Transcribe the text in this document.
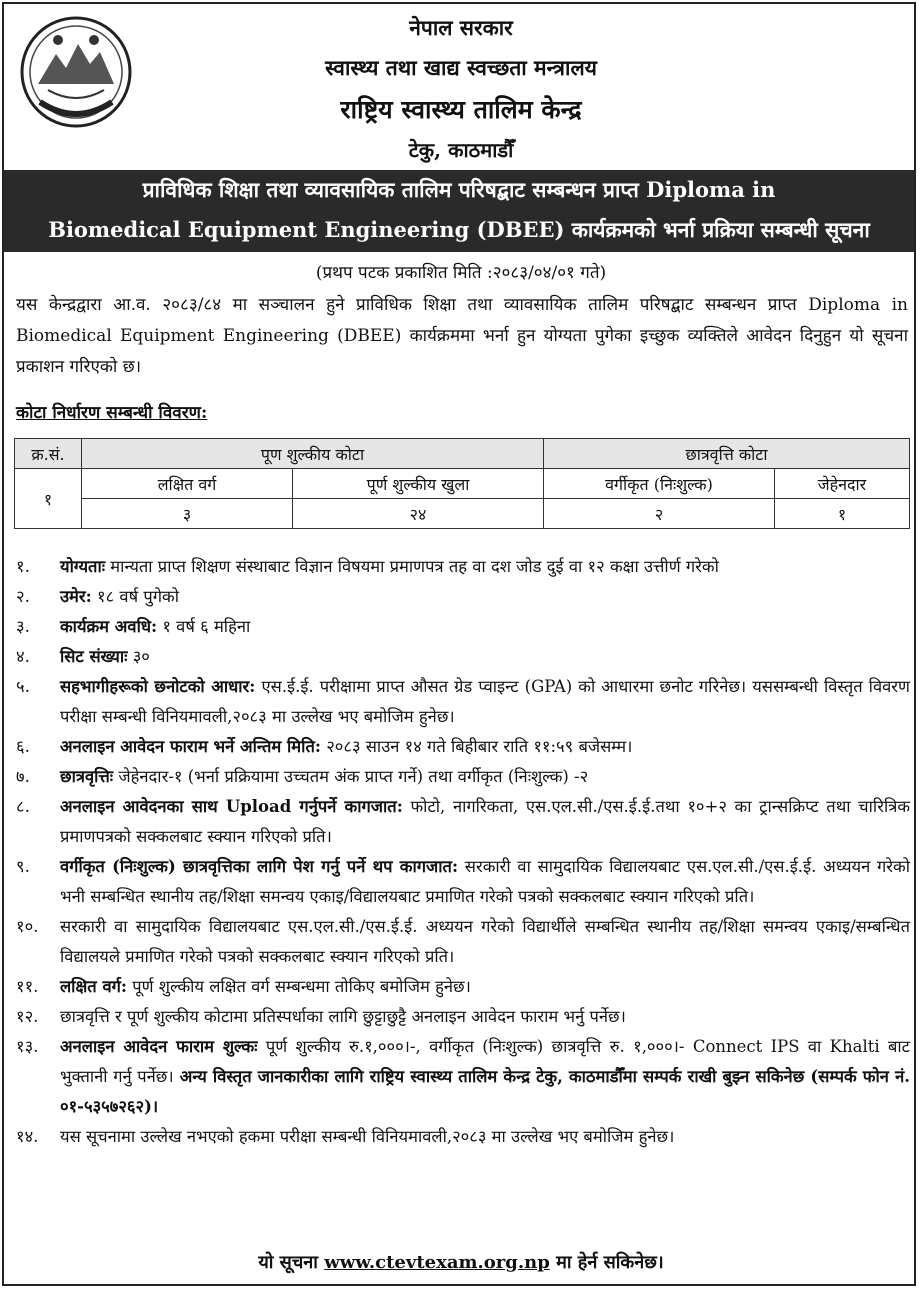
नेपाल सरकार
स्वास्थ्य तथा खाद्य स्वच्छता मन्त्रालय
राष्ट्रिय स्वास्थ्य तालिम केन्द्र
टेकु, काठमाडौँ
प्राविधिक शिक्षा तथा व्यावसायिक तालिम परिषद्बाट सम्बन्धन प्राप्त Diploma in
Biomedical Equipment Engineering (DBEE) कार्यक्रमको भर्ना प्रक्रिया सम्बन्धी सूचना
(प्रथप पटक प्रकाशित मिति :२०८३/०४/०१ गते)
यस केन्द्रद्वारा आ.व. २०८३/८४ मा सञ्चालन हुने प्राविधिक शिक्षा तथा व्यावसायिक तालिम परिषद्बाट सम्बन्धन प्राप्त Diploma in Biomedical Equipment Engineering (DBEE) कार्यक्रममा भर्ना हुन योग्यता पुगेका इच्छुक व्यक्तिले आवेदन दिनुहुन यो सूचना प्रकाशन गरिएको छ।
कोटा निर्धारण सम्बन्धी विवरण:
क्र.सं.	पूण शुल्कीय कोटा		छात्रवृत्ति कोटा	
१	लक्षित वर्ग	पूर्ण शुल्कीय खुला	वर्गीकृत (निःशुल्क)	जेहेनदार
	३	२४	२	१
१.	योग्यताः मान्यता प्राप्त शिक्षण संस्थाबाट विज्ञान विषयमा प्रमाणपत्र तह वा दश जोड दुई वा १२ कक्षा उत्तीर्ण गरेको
२.	उमेर: १८ वर्ष पुगेको
३.	कार्यक्रम अवधि: १ वर्ष ६ महिना
४.	सिट संख्याः ३०
५.	सहभागीहरूको छनोटको आधार: एस.ई.ई. परीक्षामा प्राप्त औसत ग्रेड प्वाइन्ट (GPA) को आधारमा छनोट गरिनेछ। यससम्बन्धी विस्तृत विवरण परीक्षा सम्बन्धी विनियमावली,२०८३ मा उल्लेख भए बमोजिम हुनेछ।
६.	अनलाइन आवेदन फाराम भर्ने अन्तिम मिति: २०८३ साउन १४ गते बिहीबार राति ११:५९ बजेसम्म।
७.	छात्रवृत्तिः जेहेनदार-१ (भर्ना प्रक्रियामा उच्चतम अंक प्राप्त गर्ने) तथा वर्गीकृत (निःशुल्क) -२
८.	अनलाइन आवेदनका साथ Upload गर्नुपर्ने कागजात: फोटो, नागरिकता, एस.एल.सी./एस.ई.ई.तथा १०+२ का ट्रान्सक्रिप्ट तथा चारित्रिक प्रमाणपत्रको सक्कलबाट स्क्यान गरिएको प्रति।
९.	वर्गीकृत (निःशुल्क) छात्रवृत्तिका लागि पेश गर्नु पर्ने थप कागजात: सरकारी वा सामुदायिक विद्यालयबाट एस.एल.सी./एस.ई.ई. अध्ययन गरेको भनी सम्बन्धित स्थानीय तह/शिक्षा समन्वय एकाइ/विद्यालयबाट प्रमाणित गरेको पत्रको सक्कलबाट स्क्यान गरिएको प्रति।
१०.	सरकारी वा सामुदायिक विद्यालयबाट एस.एल.सी./एस.ई.ई. अध्ययन गरेको विद्यार्थीले सम्बन्धित स्थानीय तह/शिक्षा समन्वय एकाइ/सम्बन्धित विद्यालयले प्रमाणित गरेको पत्रको सक्कलबाट स्क्यान गरिएको प्रति।
११.	लक्षित वर्ग: पूर्ण शुल्कीय लक्षित वर्ग सम्बन्धमा तोकिए बमोजिम हुनेछ।
१२.	छात्रवृत्ति र पूर्ण शुल्कीय कोटामा प्रतिस्पर्धाका लागि छुट्टाछुट्टै अनलाइन आवेदन फाराम भर्नु पर्नेछ।
१३.	अनलाइन आवेदन फाराम शुल्कः पूर्ण शुल्कीय रु.१,०००।-, वर्गीकृत (निःशुल्क) छात्रवृत्ति रु. १,०००।- Connect IPS वा Khalti बाट भुक्तानी गर्नु पर्नेछ। अन्य विस्तृत जानकारीका लागि राष्ट्रिय स्वास्थ्य तालिम केन्द्र टेकु, काठमाडौँमा सम्पर्क राखी बुझ्न सकिनेछ (सम्पर्क फोन नं. ०१-५३५७२६२)।
१४.	यस सूचनामा उल्लेख नभएको हकमा परीक्षा सम्बन्धी विनियमावली,२०८३ मा उल्लेख भए बमोजिम हुनेछ।
यो सूचना www.ctevtexam.org.np मा हेर्न सकिनेछ।
